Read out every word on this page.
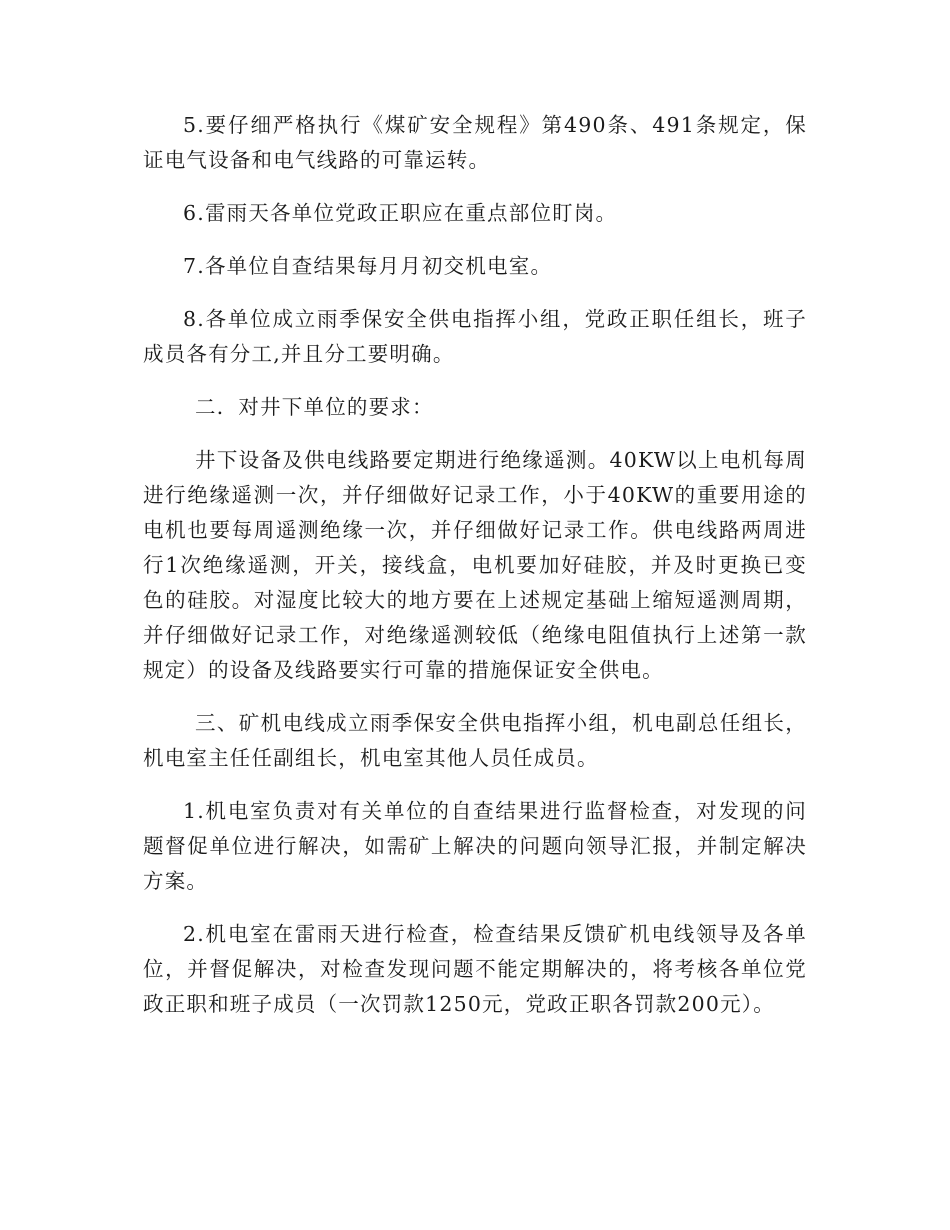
5.要仔细严格执行《煤矿安全规程》第490条、491条规定，保证电气设备和电气线路的可靠运转。

6.雷雨天各单位党政正职应在重点部位盯岗。

7.各单位自查结果每月月初交机电室。

8.各单位成立雨季保安全供电指挥小组，党政正职任组长，班子成员各有分工,并且分工要明确。

二．对井下单位的要求：

井下设备及供电线路要定期进行绝缘遥测。40KW以上电机每周进行绝缘遥测一次，并仔细做好记录工作，小于40KW的重要用途的电机也要每周遥测绝缘一次，并仔细做好记录工作。供电线路两周进行1次绝缘遥测，开关，接线盒，电机要加好硅胶，并及时更换已变色的硅胶。对湿度比较大的地方要在上述规定基础上缩短遥测周期，并仔细做好记录工作，对绝缘遥测较低（绝缘电阻值执行上述第一款规定）的设备及线路要实行可靠的措施保证安全供电。

三、矿机电线成立雨季保安全供电指挥小组，机电副总任组长，机电室主任任副组长，机电室其他人员任成员。

1.机电室负责对有关单位的自查结果进行监督检查，对发现的问题督促单位进行解决，如需矿上解决的问题向领导汇报，并制定解决方案。

2.机电室在雷雨天进行检查，检查结果反馈矿机电线领导及各单位，并督促解决，对检查发现问题不能定期解决的，将考核各单位党政正职和班子成员（一次罚款1250元，党政正职各罚款200元）。
